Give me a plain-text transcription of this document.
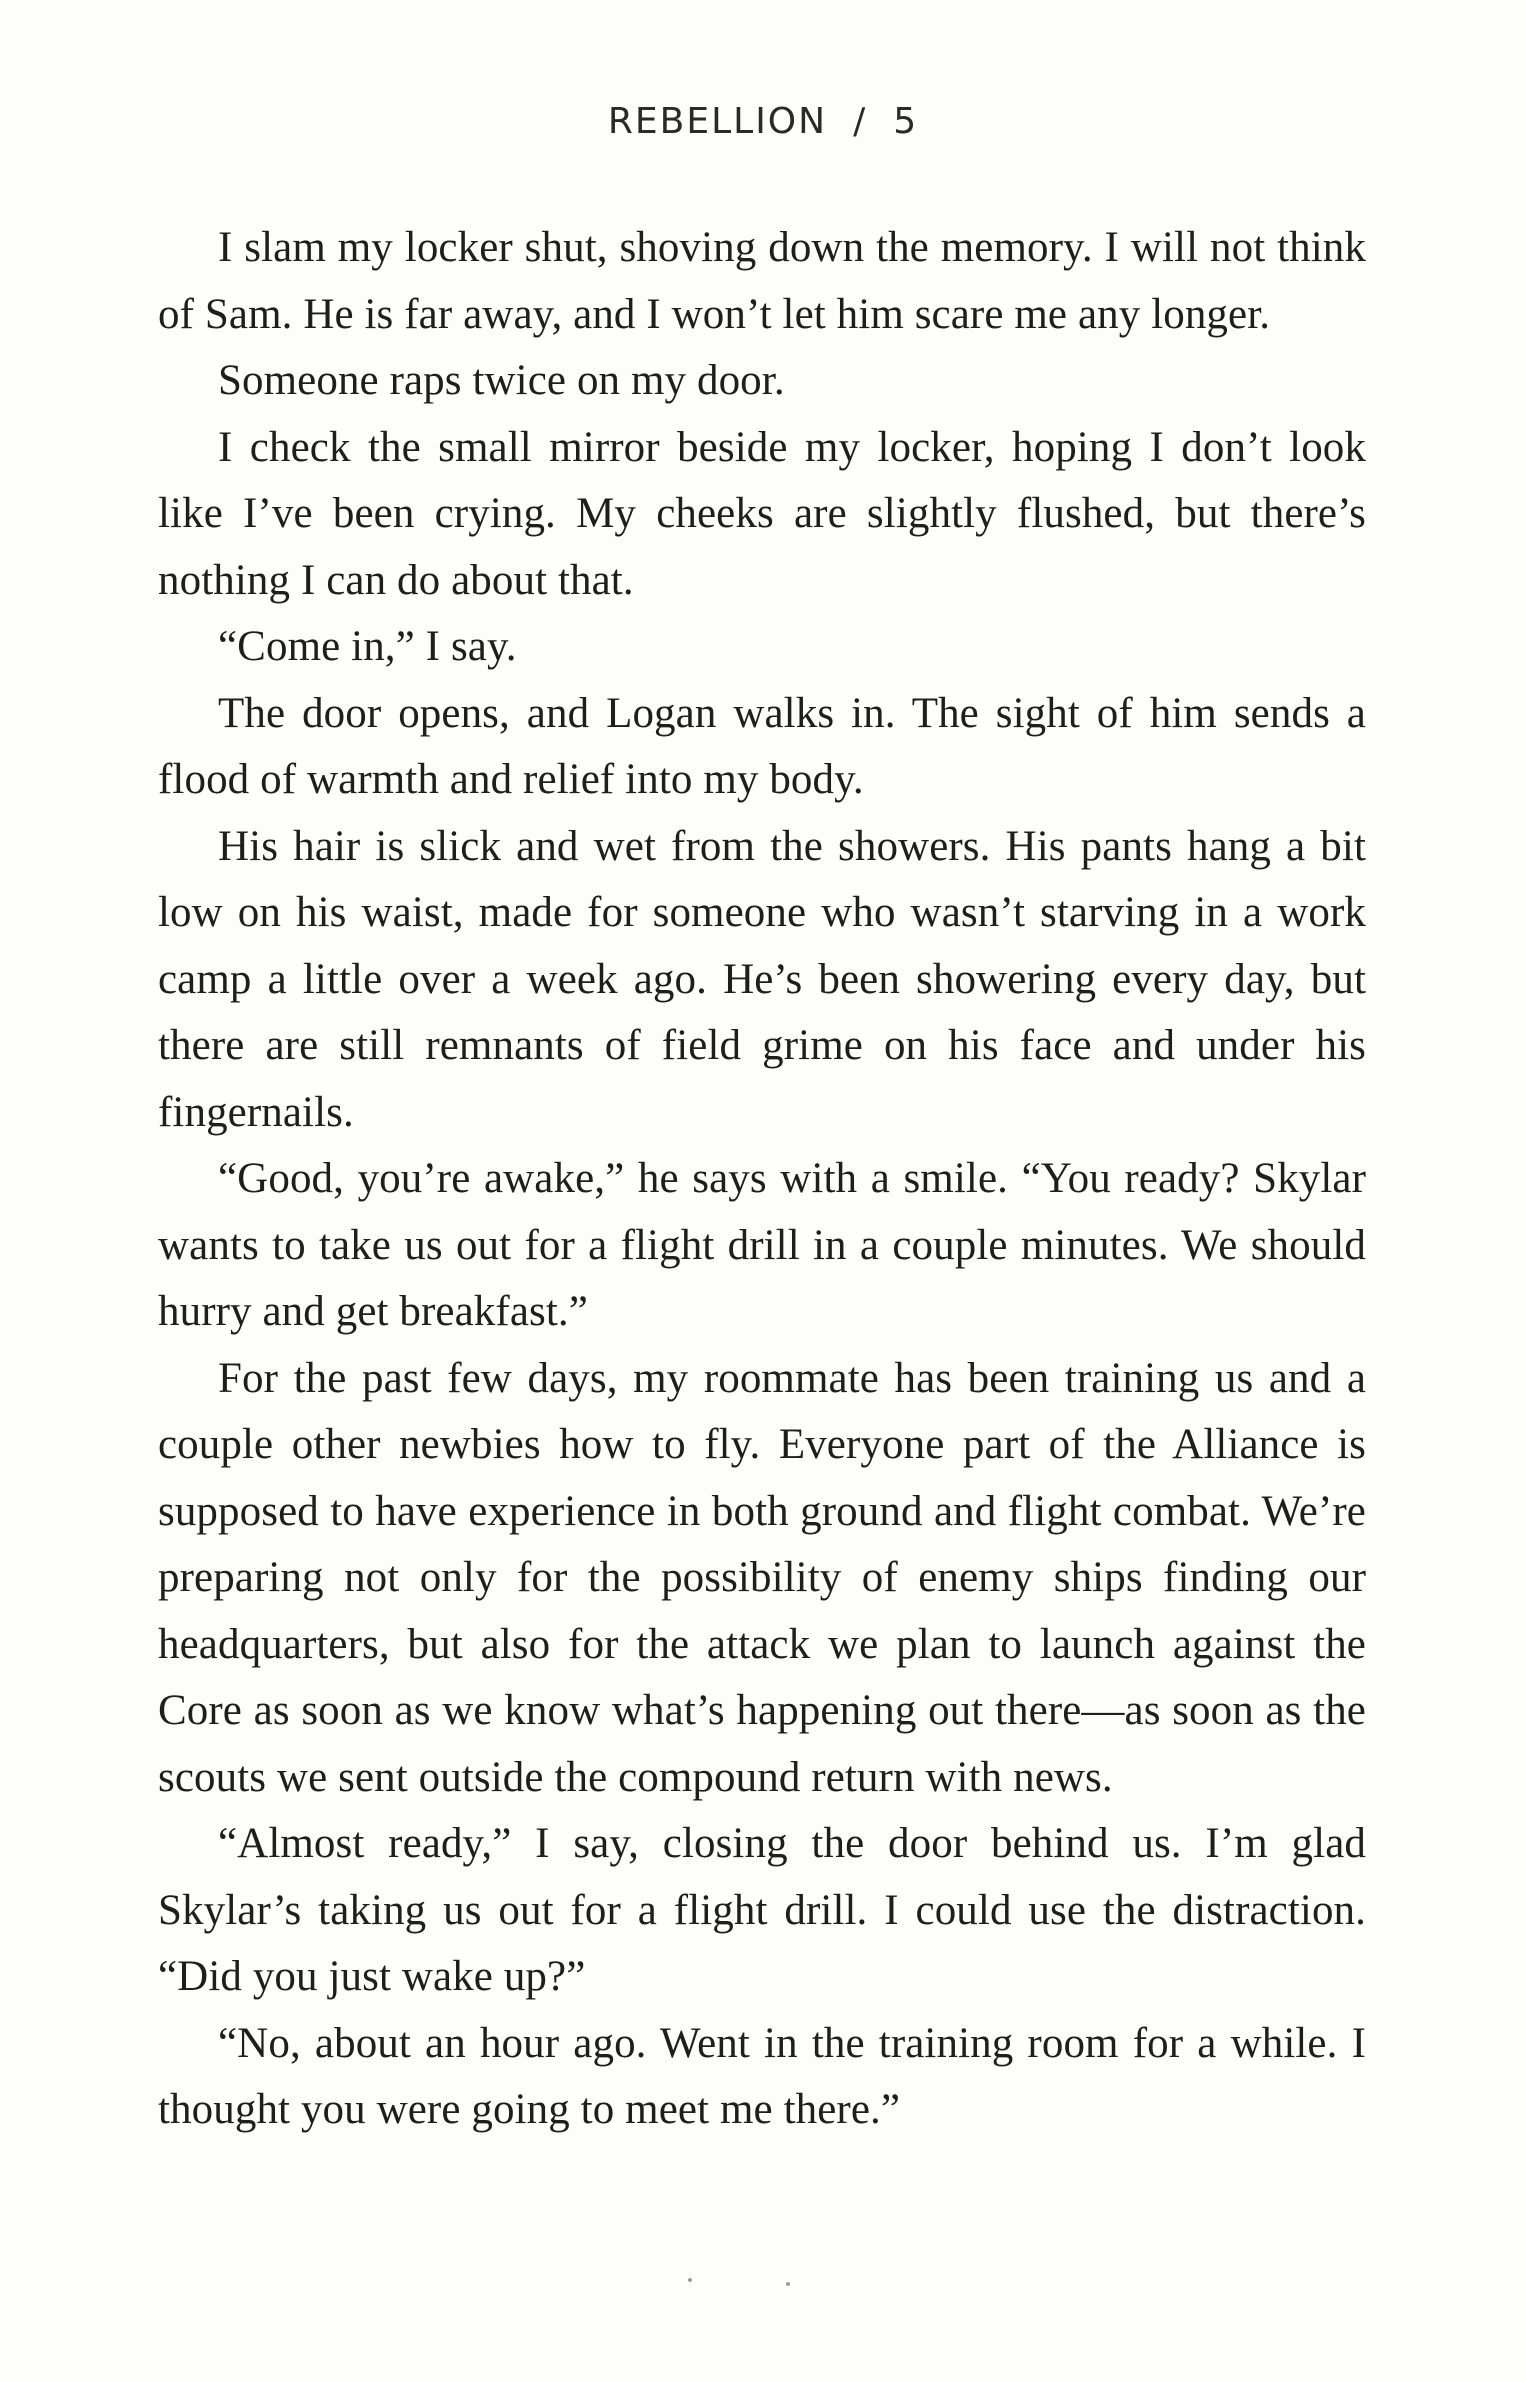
REBELLION / 5

I slam my locker shut, shoving down the memory. I will not think of Sam. He is far away, and I won’t let him scare me any longer.

Someone raps twice on my door.

I check the small mirror beside my locker, hoping I don’t look like I’ve been crying. My cheeks are slightly flushed, but there’s nothing I can do about that.

“Come in,” I say.

The door opens, and Logan walks in. The sight of him sends a flood of warmth and relief into my body.

His hair is slick and wet from the showers. His pants hang a bit low on his waist, made for someone who wasn’t starving in a work camp a little over a week ago. He’s been showering every day, but there are still remnants of field grime on his face and under his fingernails.

“Good, you’re awake,” he says with a smile. “You ready? Skylar wants to take us out for a flight drill in a couple minutes. We should hurry and get breakfast.”

For the past few days, my roommate has been training us and a couple other newbies how to fly. Everyone part of the Alliance is supposed to have experience in both ground and flight combat. We’re preparing not only for the possibility of enemy ships finding our headquarters, but also for the attack we plan to launch against the Core as soon as we know what’s happening out there—as soon as the scouts we sent outside the compound return with news.

“Almost ready,” I say, closing the door behind us. I’m glad Skylar’s taking us out for a flight drill. I could use the distraction. “Did you just wake up?”

“No, about an hour ago. Went in the training room for a while. I thought you were going to meet me there.”
